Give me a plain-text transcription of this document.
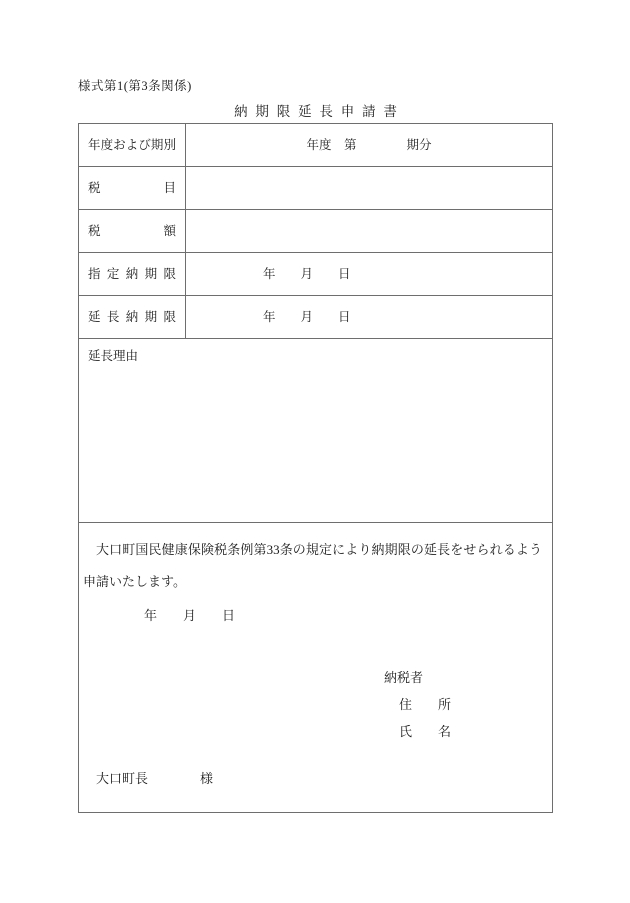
様式第1(第3条関係)
納期限延長申請書
年度および期別	年度　第　　　　期分
税目
税額
指定納期限	年　　月　　日
延長納期限	年　　月　　日
延長理由
大口町国民健康保険税条例第33条の規定により納期限の延長をせられるよう申請いたします。
年　　月　　日
納税者
住　　所
氏　　名
大口町長　　　　様
